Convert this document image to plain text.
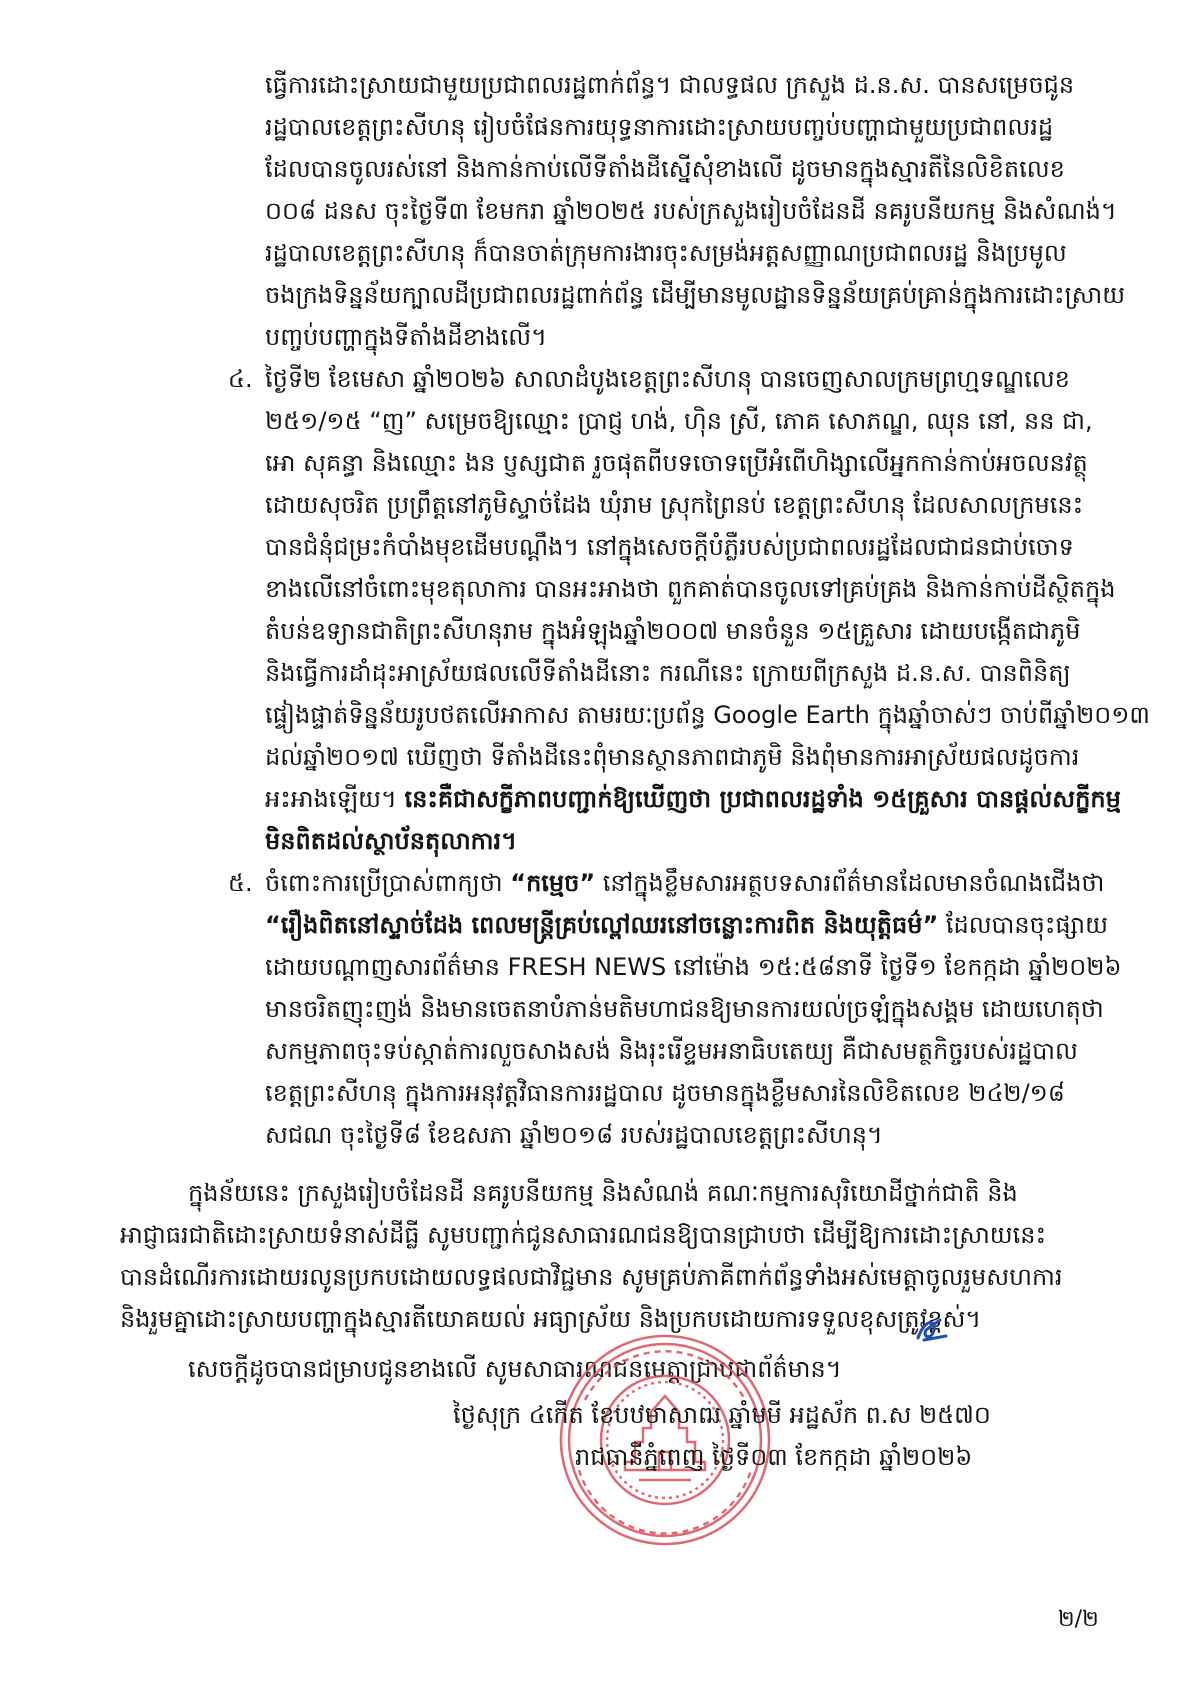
ធ្វើការដោះស្រាយជាមួយប្រជាពលរដ្ឋពាក់ព័ន្ធ។ ជាលទ្ធផល ក្រសួង ដ.ន.ស. បានសម្រេចជូន
រដ្ឋបាលខេត្តព្រះសីហនុ រៀបចំផែនការយុទ្ធនាការដោះស្រាយបញ្ចប់បញ្ហាជាមួយប្រជាពលរដ្ឋ
ដែលបានចូលរស់នៅ និងកាន់កាប់លើទីតាំងដីស្នើសុំខាងលើ ដូចមានក្នុងស្មារតីនៃលិខិតលេខ
០០៨ ដនស ចុះថ្ងៃទី៣ ខែមករា ឆ្នាំ២០២៥ របស់ក្រសួងរៀបចំដែនដី នគរូបនីយកម្ម និងសំណង់។
រដ្ឋបាលខេត្តព្រះសីហនុ ក៏បានចាត់ក្រុមការងារចុះសម្រង់អត្តសញ្ញាណប្រជាពលរដ្ឋ និងប្រមូល
ចងក្រងទិន្នន័យក្បាលដីប្រជាពលរដ្ឋពាក់ព័ន្ធ ដើម្បីមានមូលដ្ឋានទិន្នន័យគ្រប់គ្រាន់ក្នុងការដោះស្រាយ
បញ្ចប់បញ្ហាក្នុងទីតាំងដីខាងលើ។
៤. ថ្ងៃទី២ ខែមេសា ឆ្នាំ២០២៦ សាលាដំបូងខេត្តព្រះសីហនុ បានចេញសាលក្រមព្រហ្មទណ្ឌលេខ
២៥១/១៥ “ញ” សម្រេចឱ្យឈ្មោះ ប្រាជ្ញ ហង់, ហ៊ិន ស្រី, ភោគ សោភណ្ឌ, ឈុន នៅ, នន ជា,
អោ សុគន្ធា និងឈ្មោះ ងន ប្ញស្សជាត រួចផុតពីបទចោទប្រើអំពើហិង្សាលើអ្នកកាន់កាប់អចលនវត្ថុ
ដោយសុចរិត ប្រព្រឹត្តនៅភូមិស្ទាច់ដែង ឃុំរាម ស្រុកព្រៃនប់ ខេត្តព្រះសីហនុ ដែលសាលក្រមនេះ
បានជំនុំជម្រះកំបាំងមុខដើមបណ្តឹង។ នៅក្នុងសេចក្តីបំភ្លឺរបស់ប្រជាពលរដ្ឋដែលជាជនជាប់ចោទ
ខាងលើនៅចំពោះមុខតុលាការ បានអះអាងថា ពួកគាត់បានចូលទៅគ្រប់គ្រង និងកាន់កាប់ដីស្ថិតក្នុង
តំបន់ឧទ្យានជាតិព្រះសីហនុរាម ក្នុងអំឡុងឆ្នាំ២០០៧ មានចំនួន ១៥គ្រួសារ ដោយបង្កើតជាភូមិ
និងធ្វើការដាំដុះអាស្រ័យផលលើទីតាំងដីនោះ ករណីនេះ ក្រោយពីក្រសួង ដ.ន.ស. បានពិនិត្យ
ផ្ទៀងផ្ទាត់ទិន្នន័យរូបថតលើអាកាស តាមរយៈប្រព័ន្ធ Google Earth ក្នុងឆ្នាំចាស់ៗ ចាប់ពីឆ្នាំ២០១៣
ដល់ឆ្នាំ២០១៧ ឃើញថា ទីតាំងដីនេះពុំមានស្ថានភាពជាភូមិ និងពុំមានការអាស្រ័យផលដូចការ
អះអាងឡើយ។ នេះគឺជាសក្ខីភាពបញ្ជាក់ឱ្យឃើញថា ប្រជាពលរដ្ឋទាំង ១៥គ្រួសារ បានផ្តល់សក្ខីកម្ម
មិនពិតដល់ស្ថាប័នតុលាការ។
៥. ចំពោះការប្រើប្រាស់ពាក្យថា “កម្មេច” នៅក្នុងខ្លឹមសារអត្ថបទសារព័ត៌មានដែលមានចំណងជើងថា
“រឿងពិតនៅស្ទាច់ដែង ពេលមន្ត្រីគ្រប់ល្ពៅឈរនៅចន្លោះការពិត និងយុត្តិធម៌” ដែលបានចុះផ្សាយ
ដោយបណ្តាញសារព័ត៌មាន FRESH NEWS នៅម៉ោង ១៥:៥៨នាទី ថ្ងៃទី១ ខែកក្កដា ឆ្នាំ២០២៦
មានចរិតញុះញង់ និងមានចេតនាបំភាន់មតិមហាជនឱ្យមានការយល់ច្រឡំក្នុងសង្គម ដោយហេតុថា
សកម្មភាពចុះទប់ស្កាត់ការលួចសាងសង់ និងរុះរើខ្ទមអនាធិបតេយ្យ គឺជាសមត្ថកិច្ចរបស់រដ្ឋបាល
ខេត្តព្រះសីហនុ ក្នុងការអនុវត្តវិធានការរដ្ឋបាល ដូចមានក្នុងខ្លឹមសារនៃលិខិតលេខ ២៤២/១៨
សជណ ចុះថ្ងៃទី៨ ខែឧសភា ឆ្នាំ២០១៨ របស់រដ្ឋបាលខេត្តព្រះសីហនុ។
ក្នុងន័យនេះ ក្រសួងរៀបចំដែនដី នគរូបនីយកម្ម និងសំណង់ គណៈកម្មការសុរិយោដីថ្នាក់ជាតិ និង
អាជ្ញាធរជាតិដោះស្រាយទំនាស់ដីធ្លី សូមបញ្ជាក់ជូនសាធារណជនឱ្យបានជ្រាបថា ដើម្បីឱ្យការដោះស្រាយនេះ
បានដំណើរការដោយរលូនប្រកបដោយលទ្ធផលជាវិជ្ជមាន សូមគ្រប់ភាគីពាក់ព័ន្ធទាំងអស់មេត្តាចូលរួមសហការ
និងរួមគ្នាដោះស្រាយបញ្ហាក្នុងស្មារតីយោគយល់ អធ្យាស្រ័យ និងប្រកបដោយការទទួលខុសត្រូវខ្ពស់។
សេចក្តីដូចបានជម្រាបជូនខាងលើ សូមសាធារណជនមេត្តាជ្រាបជាព័ត៌មាន។
ថ្ងៃសុក្រ ៤កើត ខែបឋមាសាឍ ឆ្នាំមមី អដ្ឋស័ក ព.ស ២៥៧០
រាជធានីភ្នំពេញ ថ្ងៃទី០៣ ខែកក្កដា ឆ្នាំ២០២៦
២/២
